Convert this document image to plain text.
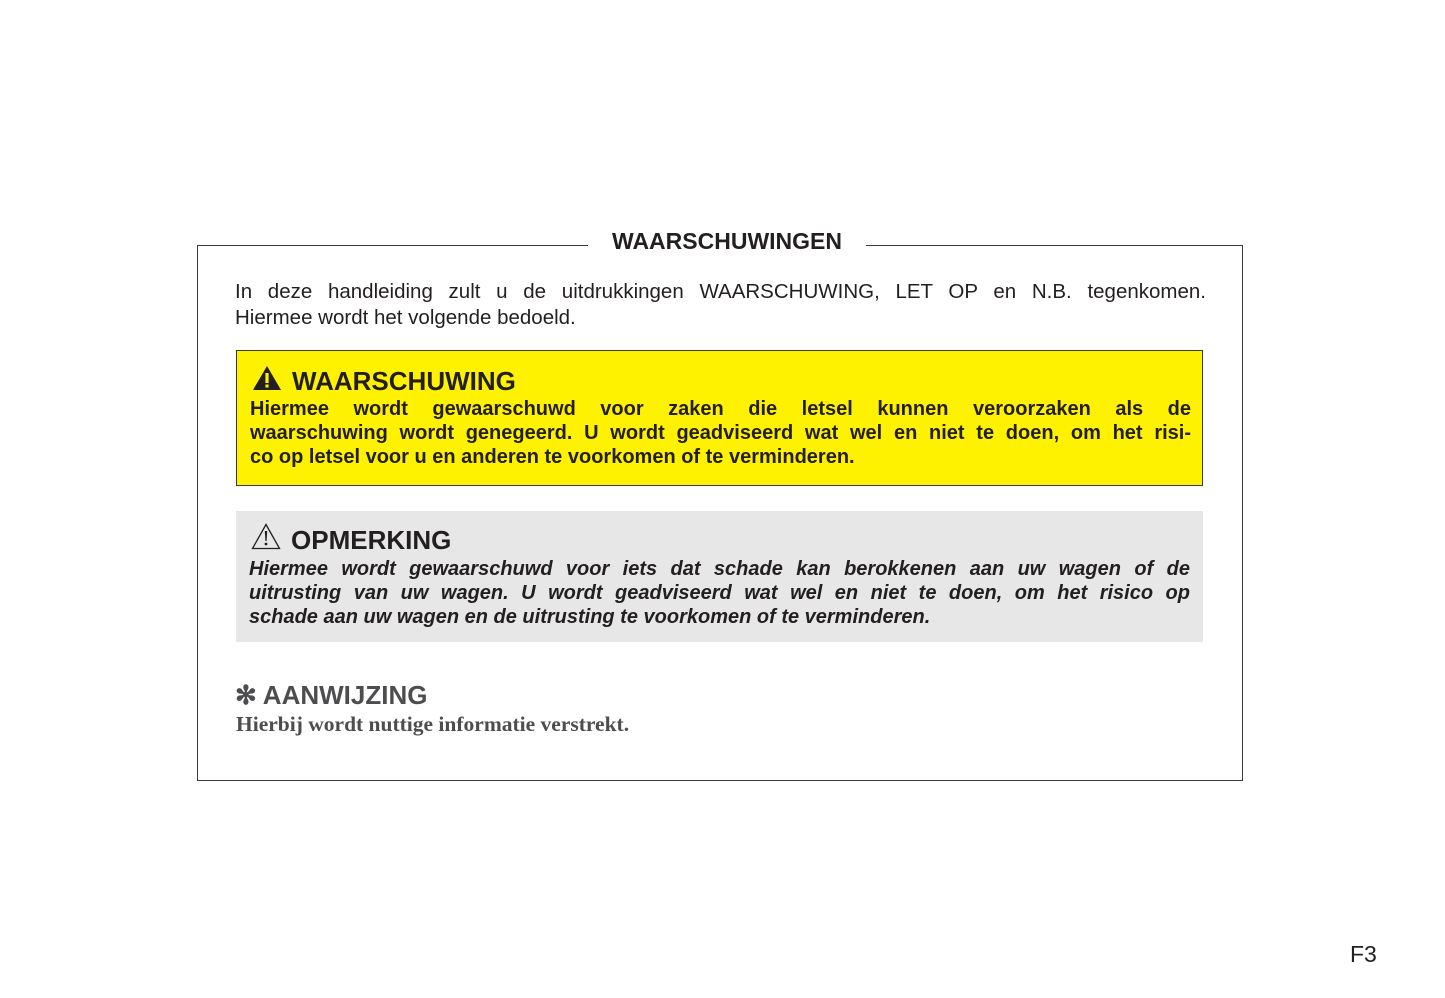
WAARSCHUWINGEN
In deze handleiding zult u de uitdrukkingen WAARSCHUWING, LET OP en N.B. tegenkomen.
Hiermee wordt het volgende bedoeld.
WAARSCHUWING
Hiermee wordt gewaarschuwd voor zaken die letsel kunnen veroorzaken als de
waarschuwing wordt genegeerd. U wordt geadviseerd wat wel en niet te doen, om het risi-
co op letsel voor u en anderen te voorkomen of te verminderen.
OPMERKING
Hiermee wordt gewaarschuwd voor iets dat schade kan berokkenen aan uw wagen of de
uitrusting van uw wagen. U wordt geadviseerd wat wel en niet te doen, om het risico op
schade aan uw wagen en de uitrusting te voorkomen of te verminderen.
✻ AANWIJZING
Hierbij wordt nuttige informatie verstrekt.
F3
